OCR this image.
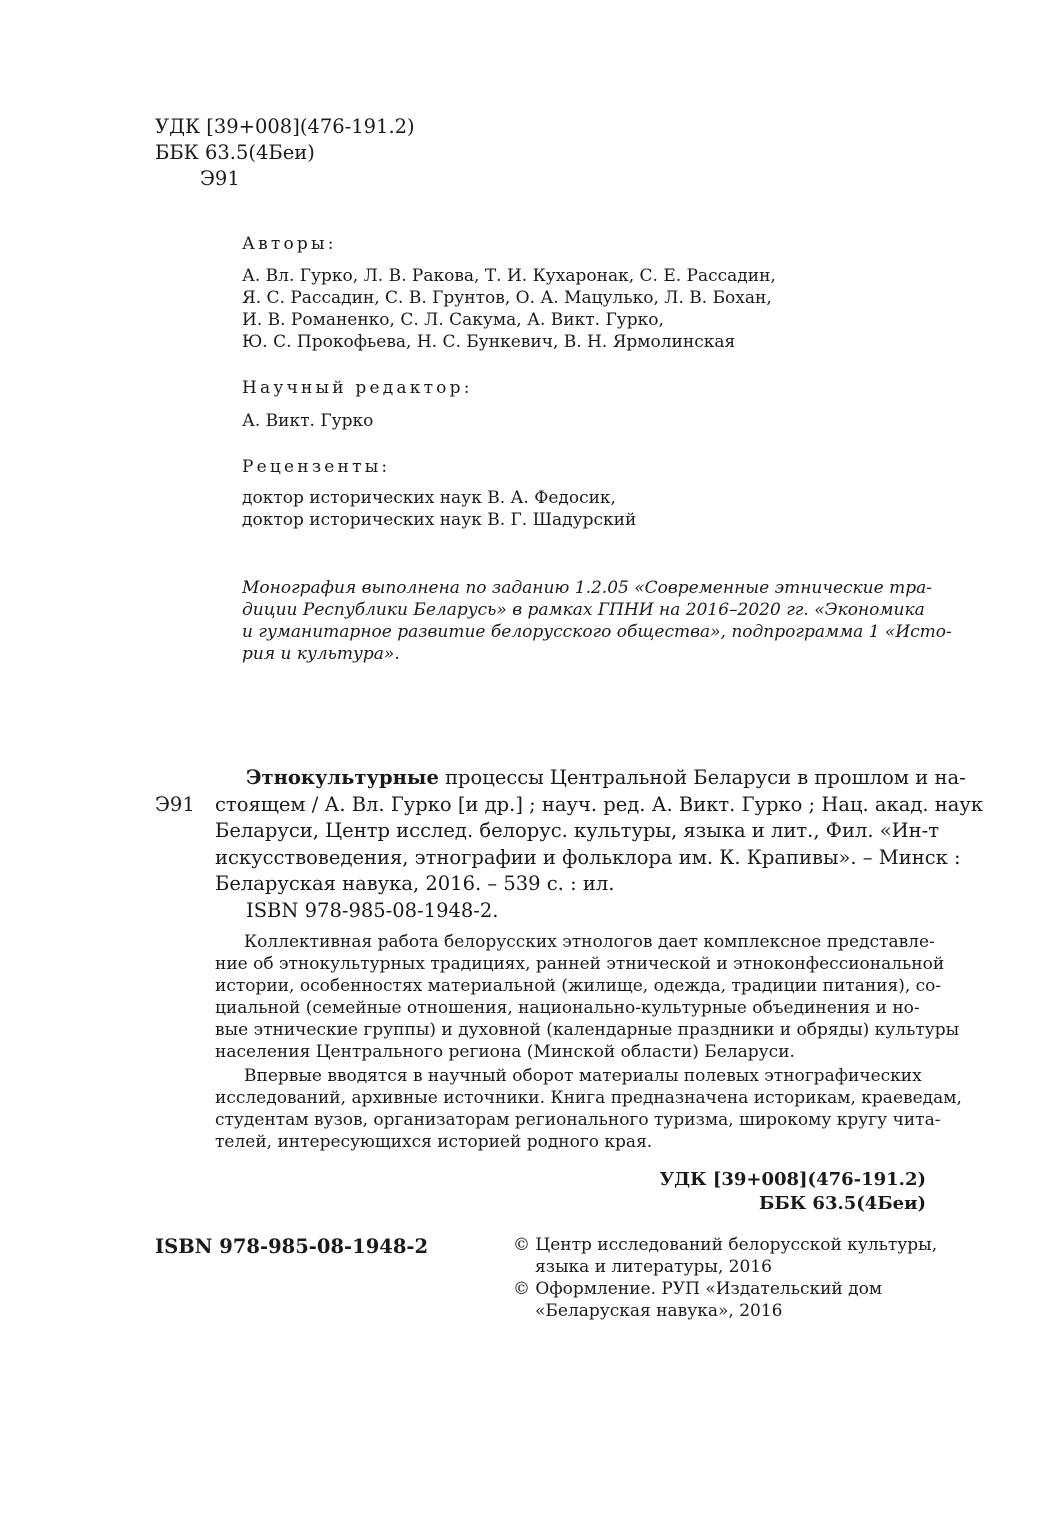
УДК [39+008](476-191.2)
ББК 63.5(4Беи)
Э91
Авторы:
А. Вл. Гурко, Л. В. Ракова, Т. И. Кухаронак, С. Е. Рассадин,
Я. С. Рассадин, С. В. Грунтов, О. А. Мацулько, Л. В. Бохан,
И. В. Романенко, С. Л. Сакума, А. Викт. Гурко,
Ю. С. Прокофьева, Н. С. Бункевич, В. Н. Ярмолинская
Научный редактор:
А. Викт. Гурко
Рецензенты:
доктор исторических наук В. А. Федосик,
доктор исторических наук В. Г. Шадурский
Монография выполнена по заданию 1.2.05 «Современные этнические тра-
диции Республики Беларусь» в рамках ГПНИ на 2016–2020 гг. «Экономика
и гуманитарное развитие белорусского общества», подпрограмма 1 «Исто-
рия и культура».
Э91
Этнокультурные процессы Центральной Беларуси в прошлом и на-
стоящем / А. Вл. Гурко [и др.] ; науч. ред. А. Викт. Гурко ; Нац. акад. наук
Беларуси, Центр исслед. белорус. культуры, языка и лит., Фил. «Ин-т
искусствоведения, этнографии и фольклора им. К. Крапивы». – Минск :
Беларуская навука, 2016. – 539 с. : ил.
ISBN 978-985-08-1948-2.
Коллективная работа белорусских этнологов дает комплексное представле-
ние об этнокультурных традициях, ранней этнической и этноконфессиональной
истории, особенностях материальной (жилище, одежда, традиции питания), со-
циальной (семейные отношения, национально-культурные объединения и но-
вые этнические группы) и духовной (календарные праздники и обряды) культуры
населения Центрального региона (Минской области) Беларуси.
Впервые вводятся в научный оборот материалы полевых этнографических
исследований, архивные источники. Книга предназначена историкам, краеведам,
студентам вузов, организаторам регионального туризма, широкому кругу чита-
телей, интересующихся историей родного края.
УДК [39+008](476-191.2)
ББК 63.5(4Беи)
ISBN 978-985-08-1948-2	© Центр исследований белорусской культуры,
языка и литературы, 2016
© Оформление. РУП «Издательский дом
«Беларуская навука», 2016
